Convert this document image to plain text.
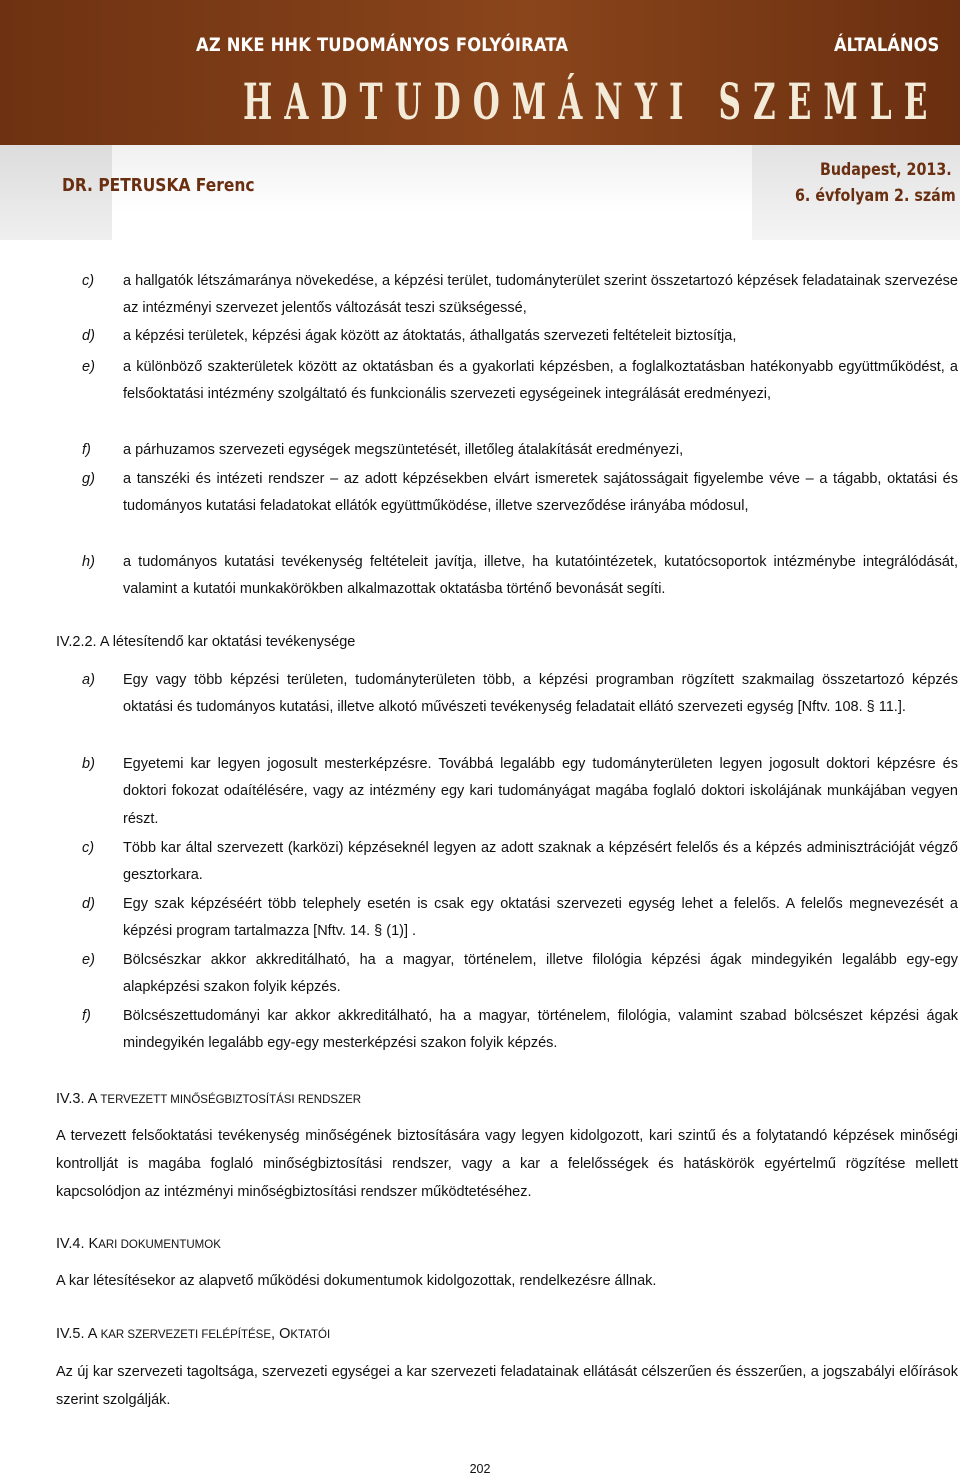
AZ NKE HHK TUDOMÁNYOS FOLYÓIRATA	ÁLTALÁNOS
HADTUDOMÁNYI SZEMLE
DR. PETRUSKA Ferenc
Budapest, 2013.
6. évfolyam 2. szám
c) a hallgatók létszámaránya növekedése, a képzési terület, tudományterület szerint összetartozó képzések feladatainak szervezése az intézményi szervezet jelentős változását teszi szükségessé,
d) a képzési területek, képzési ágak között az átoktatás, áthallgatás szervezeti feltételeit biztosítja,
e) a különböző szakterületek között az oktatásban és a gyakorlati képzésben, a foglalkoztatásban hatékonyabb együttműködést, a felsőoktatási intézmény szolgáltató és funkcionális szervezeti egységeinek integrálását eredményezi,
f) a párhuzamos szervezeti egységek megszüntetését, illetőleg átalakítását eredményezi,
g) a tanszéki és intézeti rendszer – az adott képzésekben elvárt ismeretek sajátosságait figyelembe véve – a tágabb, oktatási és tudományos kutatási feladatokat ellátók együttműködése, illetve szerveződése irányába módosul,
h) a tudományos kutatási tevékenység feltételeit javítja, illetve, ha kutatóintézetek, kutatócsoportok intézménybe integrálódását, valamint a kutatói munkakörökben alkalmazottak oktatásba történő bevonását segíti.
IV.2.2. A létesítendő kar oktatási tevékenysége
a) Egy vagy több képzési területen, tudományterületen több, a képzési programban rögzített szakmailag összetartozó képzés oktatási és tudományos kutatási, illetve alkotó művészeti tevékenység feladatait ellátó szervezeti egység [Nftv. 108. § 11.].
b) Egyetemi kar legyen jogosult mesterképzésre. Továbbá legalább egy tudományterületen legyen jogosult doktori képzésre és doktori fokozat odaítélésére, vagy az intézmény egy kari tudományágat magába foglaló doktori iskolájának munkájában vegyen részt.
c) Több kar által szervezett (karközi) képzéseknél legyen az adott szaknak a képzésért felelős és a képzés adminisztrációját végző gesztorkara.
d) Egy szak képzéséért több telephely esetén is csak egy oktatási szervezeti egység lehet a felelős. A felelős megnevezését a képzési program tartalmazza [Nftv. 14. § (1)] .
e) Bölcsészkar akkor akkreditálható, ha a magyar, történelem, illetve filológia képzési ágak mindegyikén legalább egy-egy alapképzési szakon folyik képzés.
f) Bölcsészettudományi kar akkor akkreditálható, ha a magyar, történelem, filológia, valamint szabad bölcsészet képzési ágak mindegyikén legalább egy-egy mesterképzési szakon folyik képzés.
IV.3. A TERVEZETT MINŐSÉGBIZTOSÍTÁSI RENDSZER
A tervezett felsőoktatási tevékenység minőségének biztosítására vagy legyen kidolgozott, kari szintű és a folytatandó képzések minőségi kontrollját is magába foglaló minőségbiztosítási rendszer, vagy a kar a felelősségek és hatáskörök egyértelmű rögzítése mellett kapcsolódjon az intézményi minőségbiztosítási rendszer működtetéséhez.
IV.4. KARI DOKUMENTUMOK
A kar létesítésekor az alapvető működési dokumentumok kidolgozottak, rendelkezésre állnak.
IV.5. A KAR SZERVEZETI FELÉPÍTÉSE, OKTATÓI
Az új kar szervezeti tagoltsága, szervezeti egységei a kar szervezeti feladatainak ellátását célszerűen és ésszerűen, a jogszabályi előírások szerint szolgálják.
202
